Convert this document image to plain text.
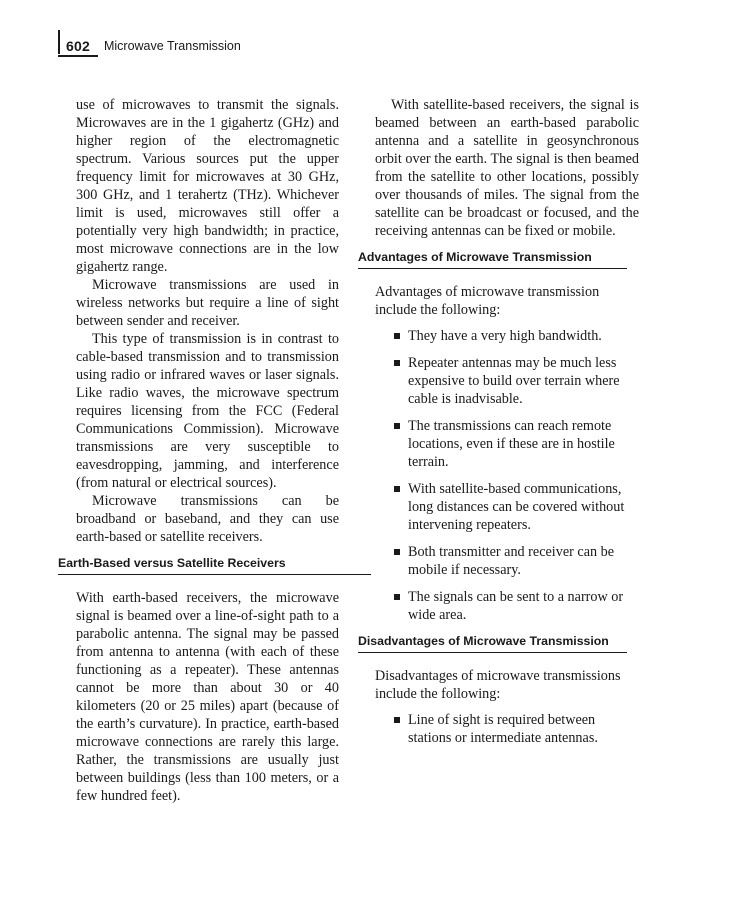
602 Microwave Transmission

use of microwaves to transmit the signals. Microwaves are in the 1 gigahertz (GHz) and higher region of the electromagnetic spectrum. Various sources put the upper frequency limit for microwaves at 30 GHz, 300 GHz, and 1 terahertz (THz). Whichever limit is used, microwaves still offer a potentially very high bandwidth; in practice, most microwave connections are in the low gigahertz range.

Microwave transmissions are used in wireless networks but require a line of sight between sender and receiver.

This type of transmission is in contrast to cable-based transmission and to transmission using radio or infrared waves or laser signals. Like radio waves, the microwave spectrum requires licensing from the FCC (Federal Communications Commission). Microwave transmissions are very susceptible to eavesdropping, jamming, and interference (from natural or electrical sources).

Microwave transmissions can be broadband or baseband, and they can use earth-based or satellite receivers.

Earth-Based versus Satellite Receivers

With earth-based receivers, the microwave signal is beamed over a line-of-sight path to a parabolic antenna. The signal may be passed from antenna to antenna (with each of these functioning as a repeater). These antennas cannot be more than about 30 or 40 kilometers (20 or 25 miles) apart (because of the earth’s curvature). In practice, earth-based microwave connections are rarely this large. Rather, the transmissions are usually just between buildings (less than 100 meters, or a few hundred feet).

With satellite-based receivers, the signal is beamed between an earth-based parabolic antenna and a satellite in geosynchronous orbit over the earth. The signal is then beamed from the satellite to other locations, possibly over thousands of miles. The signal from the satellite can be broadcast or focused, and the receiving antennas can be fixed or mobile.

Advantages of Microwave Transmission

Advantages of microwave transmission include the following:

They have a very high bandwidth.
Repeater antennas may be much less expensive to build over terrain where cable is inadvisable.
The transmissions can reach remote locations, even if these are in hostile terrain.
With satellite-based communications, long distances can be covered without intervening repeaters.
Both transmitter and receiver can be mobile if necessary.
The signals can be sent to a narrow or wide area.
Disadvantages of Microwave Transmission

Disadvantages of microwave transmissions include the following:

Line of sight is required between stations or intermediate antennas.
